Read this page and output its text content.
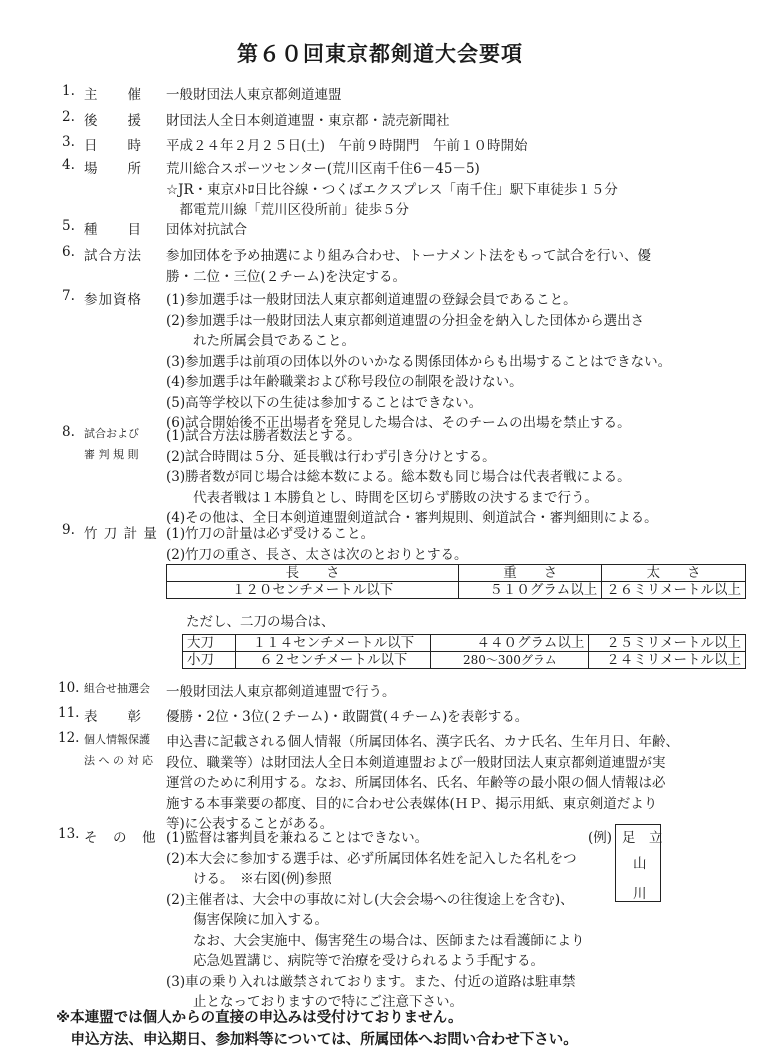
第６０回東京都剣道大会要項
1. 主　　催 一般財団法人東京都剣道連盟
2. 後　　援 財団法人全日本剣道連盟・東京都・読売新聞社
3. 日　　時 平成２４年２月２５日(土)　午前９時開門　午前１０時開始
4. 場　　所 荒川総合スポーツセンター(荒川区南千住6－45－5)
☆JR・東京ﾒﾄﾛ日比谷線・つくばエクスプレス「南千住」駅下車徒歩１５分
　都電荒川線「荒川区役所前」徒歩５分
5. 種　　目 団体対抗試合
6. 試合方法 参加団体を予め抽選により組み合わせ、トーナメント法をもって試合を行い、優
勝・二位・三位(２チーム)を決定する。
7. 参加資格 (1)参加選手は一般財団法人東京都剣道連盟の登録会員であること。
(2)参加選手は一般財団法人東京都剣道連盟の分担金を納入した団体から選出さ
　　れた所属会員であること。
(3)参加選手は前項の団体以外のいかなる関係団体からも出場することはできない。
(4)参加選手は年齢職業および称号段位の制限を設けない。
(5)高等学校以下の生徒は参加することはできない。
(6)試合開始後不正出場者を発見した場合は、そのチームの出場を禁止する。
8. 試合および
審 判 規 則
(1)試合方法は勝者数法とする。
(2)試合時間は５分、延長戦は行わず引き分けとする。
(3)勝者数が同じ場合は総本数による。総本数も同じ場合は代表者戦による。
　　代表者戦は１本勝負とし、時間を区切らず勝敗の決するまで行う。
(4)その他は、全日本剣道連盟剣道試合・審判規則、剣道試合・審判細則による。
9. 竹 刀 計 量 (1)竹刀の計量は必ず受けること。
(2)竹刀の重さ、長さ、太さは次のとおりとする。
長　　さ	重　　さ	太　　さ
１２０センチメートル以下	５１０グラム以上	２６ミリメートル以上
ただし、二刀の場合は、
大刀	１１４センチメートル以下	４４０グラム以上	２５ミリメートル以上
小刀	６２センチメートル以下	280～300グラム	２４ミリメートル以上
10. 組合せ抽選会 一般財団法人東京都剣道連盟で行う。
11. 表　　彰 優勝・2位・3位(２チーム)・敢闘賞(４チーム)を表彰する。
12. 個人情報保護
法 へ の 対 応
申込書に記載される個人情報（所属団体名、漢字氏名、カナ氏名、生年月日、年齢、
段位、職業等）は財団法人全日本剣道連盟および一般財団法人東京都剣道連盟が実
運営のために利用する。なお、所属団体名、氏名、年齢等の最小限の個人情報は必
施する本事業要の都度、目的に合わせ公表媒体(ＨＰ、掲示用紙、東京剣道だより
等)に公表することがある。
13. そ　の　他 (1)監督は審判員を兼ねることはできない。
(2)本大会に参加する選手は、必ず所属団体名姓を記入した名札をつ
　　ける。　※右図(例)参照
(2)主催者は、大会中の事故に対し(大会会場への往復途上を含む)、
　　傷害保険に加入する。
　　なお、大会実施中、傷害発生の場合は、医師または看護師により
　　応急処置講じ、病院等で治療を受けられるよう手配する。
(3)車の乗り入れは厳禁されております。また、付近の道路は駐車禁
　　止となっておりますので特にご注意下さい。
(例) 足　立
山
川
※本連盟では個人からの直接の申込みは受付けておりません。
　申込方法、申込期日、参加料等については、所属団体へお問い合わせ下さい。
